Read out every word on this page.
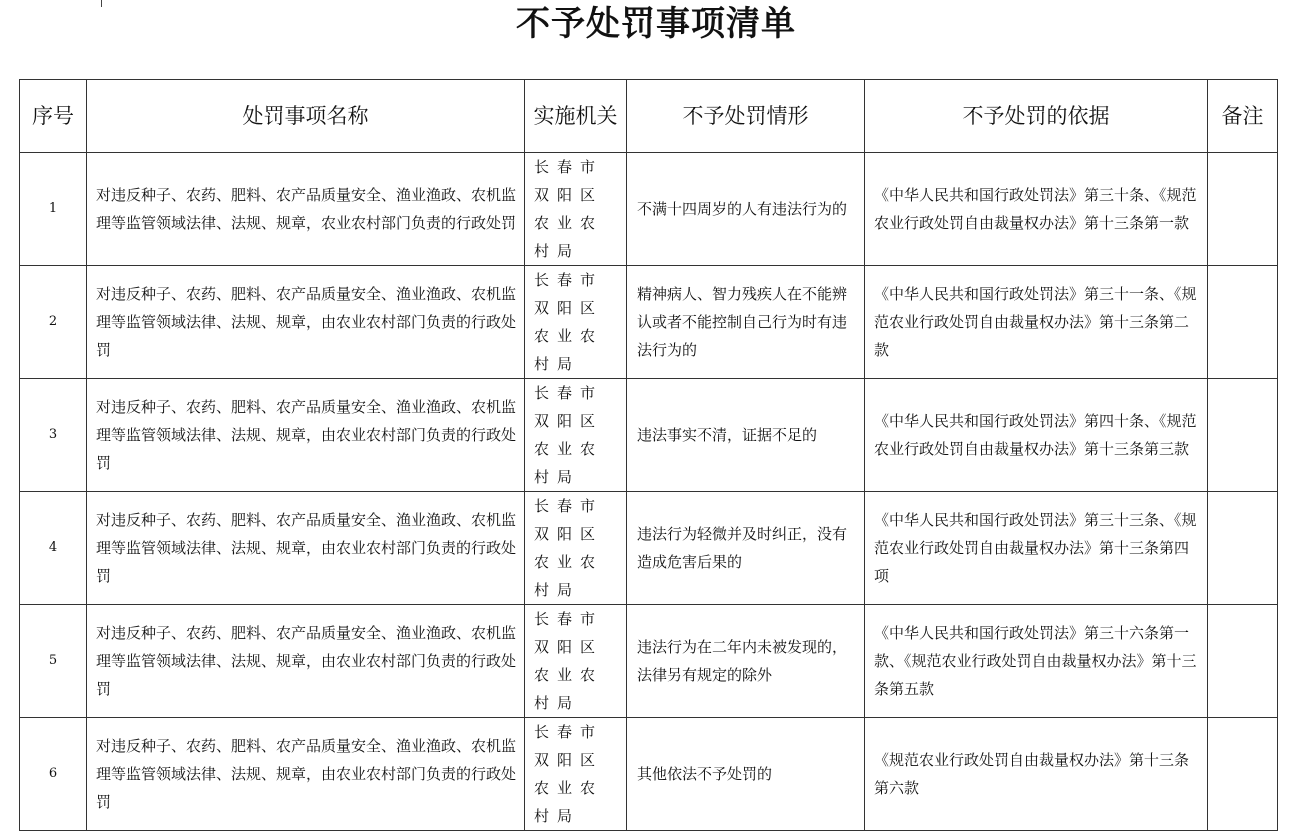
不予处罚事项清单
序号	处罚事项名称	实施机关	不予处罚情形	不予处罚的依据	备注
1	对违反种子、农药、肥料、农产品质量安全、渔业渔政、农机监理等监管领域法律、法规、规章，农业农村部门负责的行政处罚	长春市双阳区农业农村局	不满十四周岁的人有违法行为的	《中华人民共和国行政处罚法》第三十条、《规范农业行政处罚自由裁量权办法》第十三条第一款	
2	对违反种子、农药、肥料、农产品质量安全、渔业渔政、农机监理等监管领域法律、法规、规章，由农业农村部门负责的行政处罚	长春市双阳区农业农村局	精神病人、智力残疾人在不能辨认或者不能控制自己行为时有违法行为的	《中华人民共和国行政处罚法》第三十一条、《规范农业行政处罚自由裁量权办法》第十三条第二款	
3	对违反种子、农药、肥料、农产品质量安全、渔业渔政、农机监理等监管领域法律、法规、规章，由农业农村部门负责的行政处罚	长春市双阳区农业农村局	违法事实不清，证据不足的	《中华人民共和国行政处罚法》第四十条、《规范农业行政处罚自由裁量权办法》第十三条第三款	
4	对违反种子、农药、肥料、农产品质量安全、渔业渔政、农机监理等监管领域法律、法规、规章，由农业农村部门负责的行政处罚	长春市双阳区农业农村局	违法行为轻微并及时纠正，没有造成危害后果的	《中华人民共和国行政处罚法》第三十三条、《规范农业行政处罚自由裁量权办法》第十三条第四项	
5	对违反种子、农药、肥料、农产品质量安全、渔业渔政、农机监理等监管领域法律、法规、规章，由农业农村部门负责的行政处罚	长春市双阳区农业农村局	违法行为在二年内未被发现的，法律另有规定的除外	《中华人民共和国行政处罚法》第三十六条第一款、《规范农业行政处罚自由裁量权办法》第十三条第五款	
6	对违反种子、农药、肥料、农产品质量安全、渔业渔政、农机监理等监管领域法律、法规、规章，由农业农村部门负责的行政处罚	长春市双阳区农业农村局	其他依法不予处罚的	《规范农业行政处罚自由裁量权办法》第十三条第六款	
